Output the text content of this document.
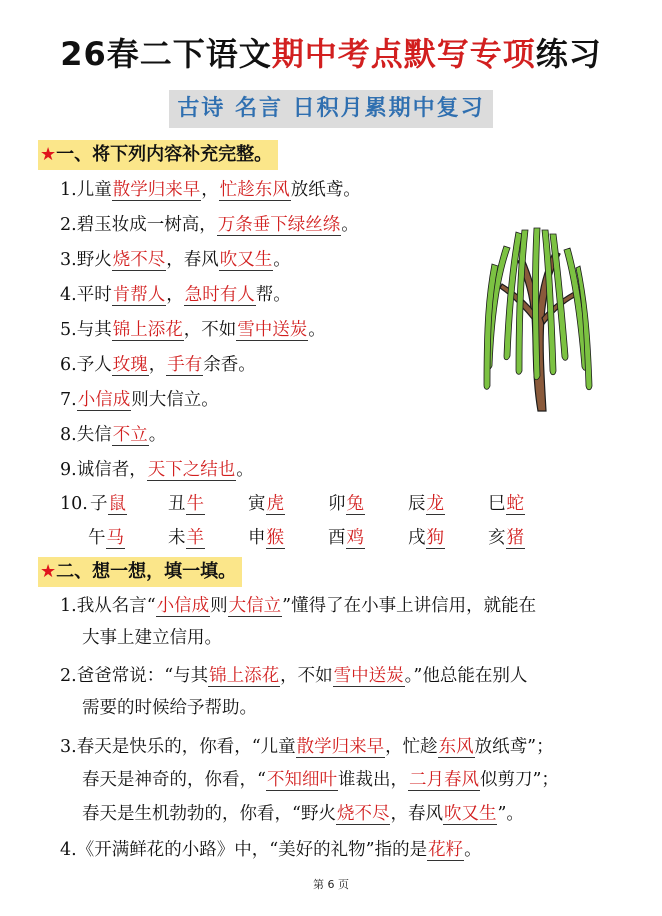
26春二下语文期中考点默写专项练习
古诗 名言 日积月累期中复习
★一、将下列内容补充完整。
1.儿童散学归来早，忙趁东风放纸鸢。
2.碧玉妆成一树高，万条垂下绿丝绦。
3.野火烧不尽，春风吹又生。
4.平时肯帮人，急时有人帮。
5.与其锦上添花，不如雪中送炭。
6.予人玫瑰，手有余香。
7.小信成则大信立。
8.失信不立。
9.诚信者，天下之结也。
10. 子鼠 丑牛	寅虎	卯兔	辰龙	巳蛇
午马	未羊	申猴	酉鸡	戌狗	亥猪
★二、想一想，填一填。
1.我从名言“小信成则大信立”懂得了在小事上讲信用，就能在
大事上建立信用。
2.爸爸常说：“与其锦上添花，不如雪中送炭。”他总能在别人
需要的时候给予帮助。
3.春天是快乐的，你看，“儿童散学归来早，忙趁东风放纸鸢”；
春天是神奇的，你看，“不知细叶谁裁出，二月春风似剪刀”；
春天是生机勃勃的，你看，“野火烧不尽，春风吹又生”。
4.《开满鲜花的小路》中，“美好的礼物”指的是花籽。
第 6 页
